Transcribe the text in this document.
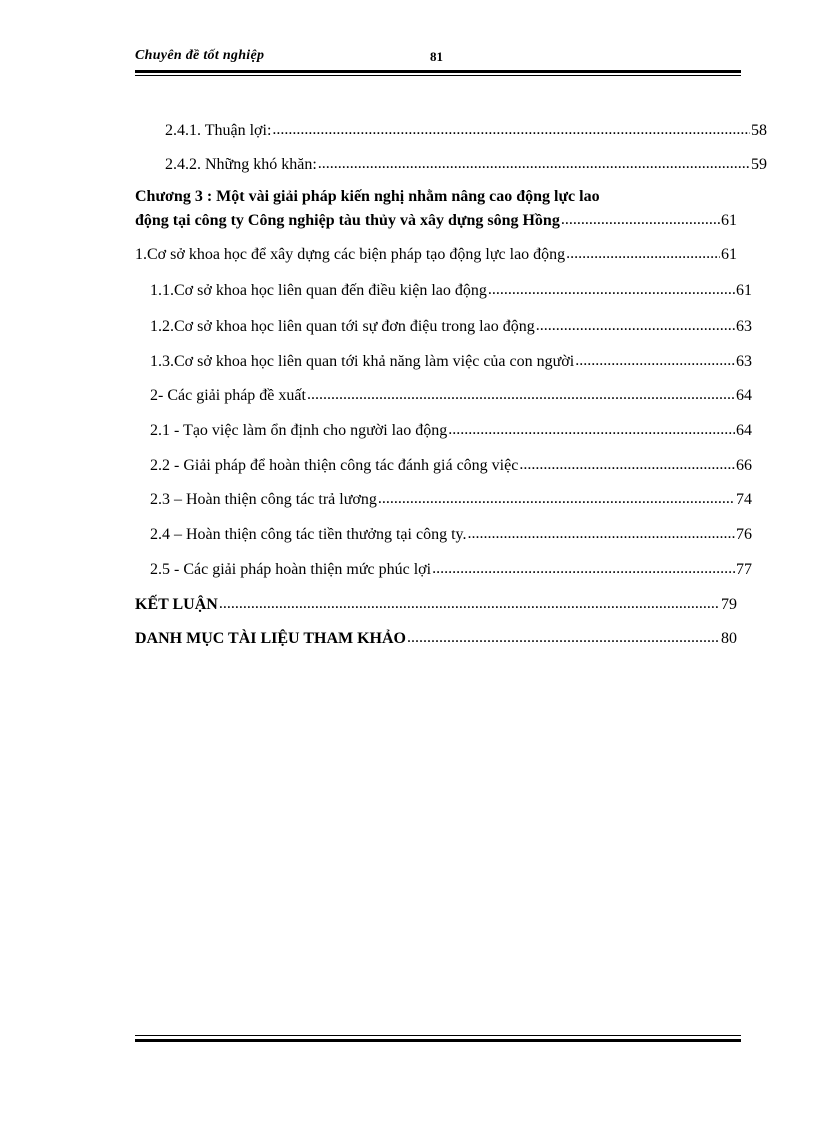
Chuyên đề tốt nghiệp	81
2.4.1. Thuận lợi: .....	58
2.4.2. Những khó khăn: .....	59
Chương 3 : Một vài giải pháp kiến nghị nhằm nâng cao động lực lao
động tại công ty Công nghiệp tàu thủy và xây dựng sông Hồng .....	61
1.Cơ sở khoa học để xây dựng các biện pháp tạo động lực lao động .....	61
1.1.Cơ sở khoa học liên quan đến điều kiện lao động .....	61
1.2.Cơ sở khoa học liên quan tới sự đơn điệu trong lao động .....	63
1.3.Cơ sở khoa học liên quan tới khả năng làm việc của con người .....	63
2- Các giải pháp đề xuất .....	64
2.1 - Tạo việc làm ổn định cho người lao động .....	64
2.2 - Giải pháp để hoàn thiện công tác đánh giá công việc .....	66
2.3 – Hoàn thiện công tác trả lương .....	74
2.4 – Hoàn thiện công tác tiền thưởng tại công ty. .....	76
2.5 - Các giải pháp hoàn thiện mức phúc lợi .....	77
KẾT LUẬN .....	79
DANH MỤC TÀI LIỆU THAM KHẢO .....	80
